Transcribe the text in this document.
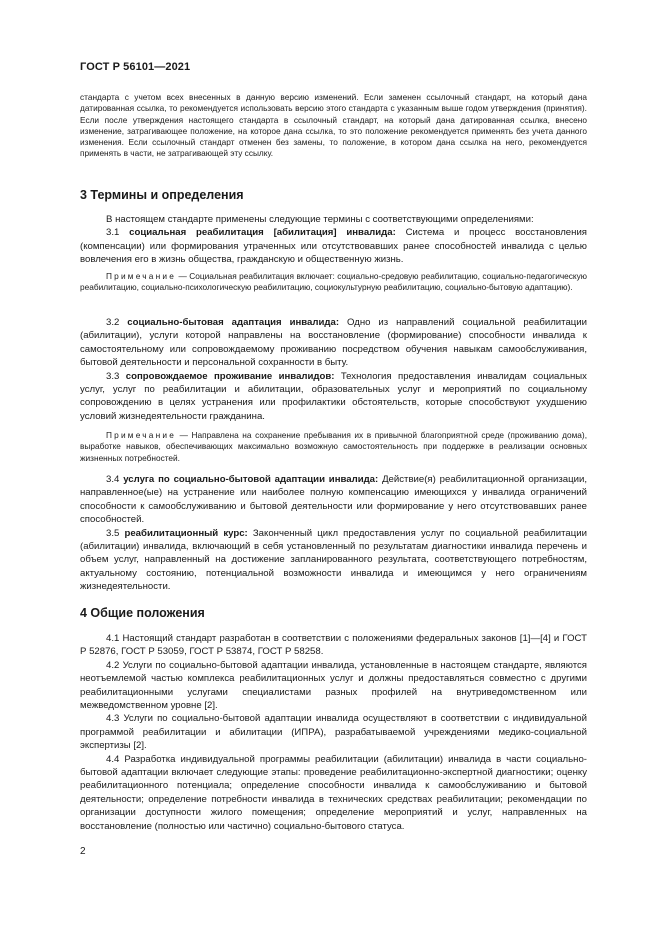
ГОСТ Р 56101—2021

стандарта с учетом всех внесенных в данную версию изменений. Если заменен ссылочный стандарт, на который дана датированная ссылка, то рекомендуется использовать версию этого стандарта с указанным выше годом утверждения (принятия). Если после утверждения настоящего стандарта в ссылочный стандарт, на который дана датированная ссылка, внесено изменение, затрагивающее положение, на которое дана ссылка, то это положение рекомендуется применять без учета данного изменения. Если ссылочный стандарт отменен без замены, то положение, в котором дана ссылка на него, рекомендуется применять в части, не затрагивающей эту ссылку.

3 Термины и определения

В настоящем стандарте применены следующие термины с соответствующими определениями:

3.1 социальная реабилитация [абилитация] инвалида: Система и процесс восстановления (компенсации) или формирования утраченных или отсутствовавших ранее способностей инвалида с целью вовлечения его в жизнь общества, гражданскую и общественную жизнь.

Примечание — Социальная реабилитация включает: социально-средовую реабилитацию, социально-педагогическую реабилитацию, социально-психологическую реабилитацию, социокультурную реабилитацию, социально-бытовую адаптацию).

3.2 социально-бытовая адаптация инвалида: Одно из направлений социальной реабилитации (абилитации), услуги которой направлены на восстановление (формирование) способности инвалида к самостоятельному или сопровождаемому проживанию посредством обучения навыкам самообслуживания, бытовой деятельности и персональной сохранности в быту.

3.3 сопровождаемое проживание инвалидов: Технология предоставления инвалидам социальных услуг, услуг по реабилитации и абилитации, образовательных услуг и мероприятий по социальному сопровождению в целях устранения или профилактики обстоятельств, которые способствуют ухудшению условий жизнедеятельности гражданина.

Примечание — Направлена на сохранение пребывания их в привычной благоприятной среде (проживанию дома), выработке навыков, обеспечивающих максимально возможную самостоятельность при поддержке в реализации основных жизненных потребностей.

3.4 услуга по социально-бытовой адаптации инвалида: Действие(я) реабилитационной организации, направленное(ые) на устранение или наиболее полную компенсацию имеющихся у инвалида ограничений способности к самообслуживанию и бытовой деятельности или формирование у него отсутствовавших ранее способностей.

3.5 реабилитационный курс: Законченный цикл предоставления услуг по социальной реабилитации (абилитации) инвалида, включающий в себя установленный по результатам диагностики инвалида перечень и объем услуг, направленный на достижение запланированного результата, соответствующего потребностям, актуальному состоянию, потенциальной возможности инвалида и имеющимся у него ограничениям жизнедеятельности.

4 Общие положения

4.1 Настоящий стандарт разработан в соответствии с положениями федеральных законов [1]—[4] и ГОСТ Р 52876, ГОСТ Р 53059, ГОСТ Р 53874, ГОСТ Р 58258.

4.2 Услуги по социально-бытовой адаптации инвалида, установленные в настоящем стандарте, являются неотъемлемой частью комплекса реабилитационных услуг и должны предоставляться совместно с другими реабилитационными услугами специалистами разных профилей на внутриведомственном или межведомственном уровне [2].

4.3 Услуги по социально-бытовой адаптации инвалида осуществляют в соответствии с индивидуальной программой реабилитации и абилитации (ИПРА), разрабатываемой учреждениями медико-социальной экспертизы [2].

4.4 Разработка индивидуальной программы реабилитации (абилитации) инвалида в части социально-бытовой адаптации включает следующие этапы: проведение реабилитационно-экспертной диагностики; оценку реабилитационного потенциала; определение способности инвалида к самообслуживанию и бытовой деятельности; определение потребности инвалида в технических средствах реабилитации; рекомендации по организации доступности жилого помещения; определение мероприятий и услуг, направленных на восстановление (полностью или частично) социально-бытового статуса.

2
